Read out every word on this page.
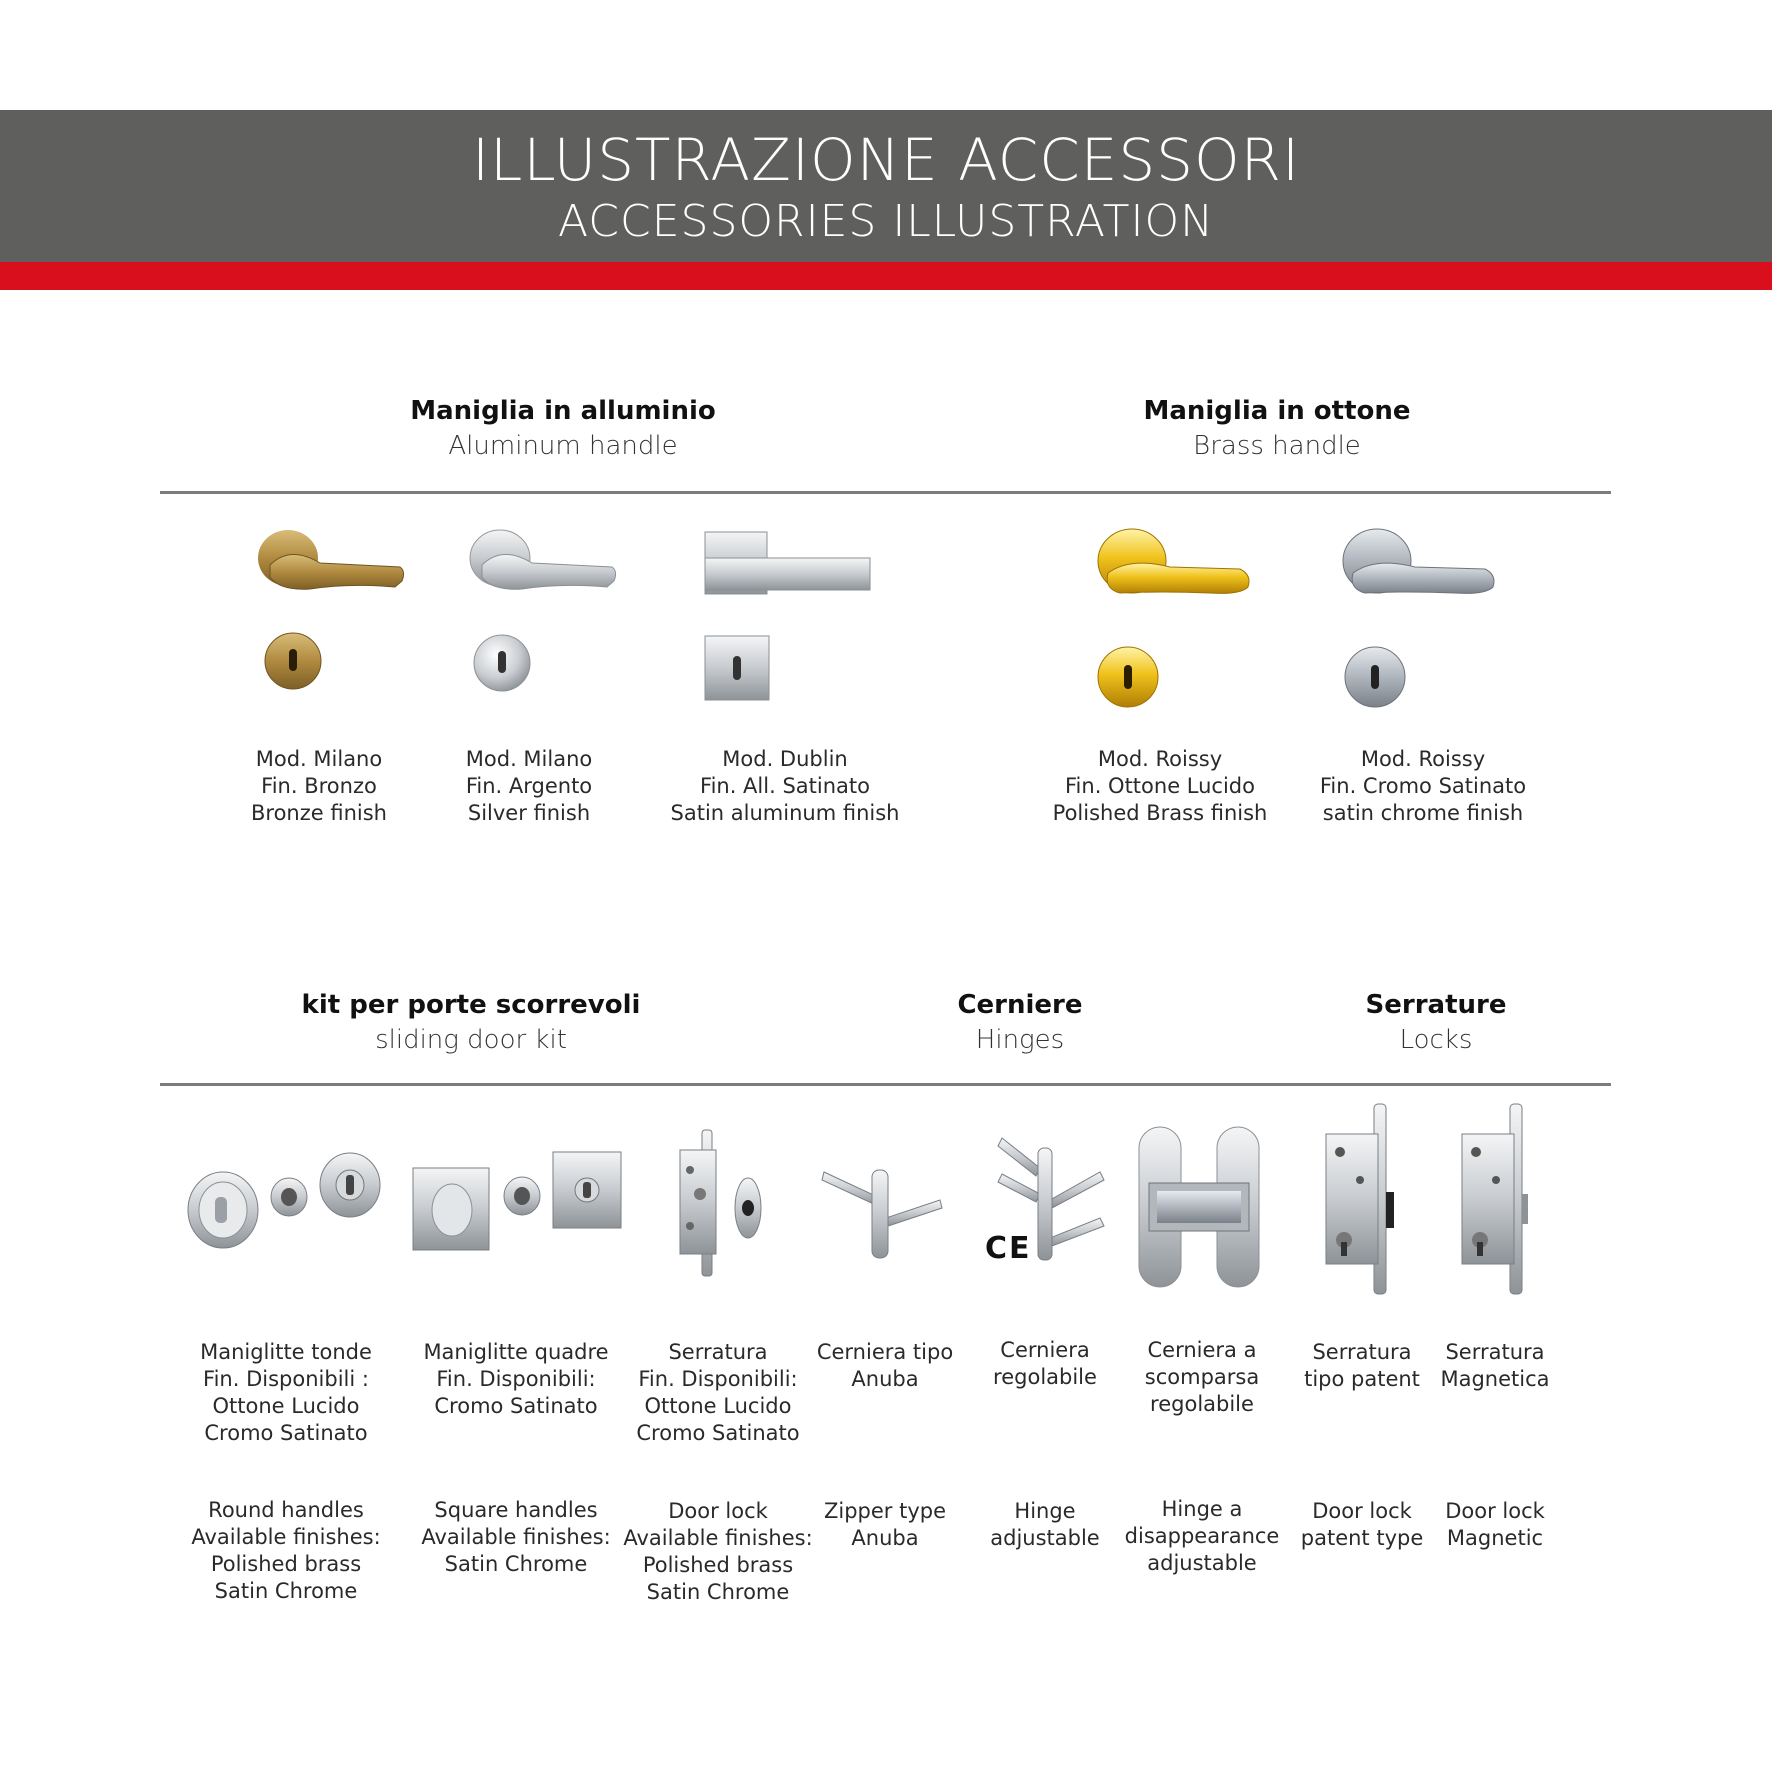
ILLUSTRAZIONE ACCESSORI
ACCESSORIES ILLUSTRATION
Maniglia in alluminio
Aluminum handle
Maniglia in ottone
Brass handle
Mod. Milano
Fin. Bronzo
Bronze finish
Mod. Milano
Fin. Argento
Silver finish
Mod. Dublin
Fin. All. Satinato
Satin aluminum finish
Mod. Roissy
Fin. Ottone Lucido
Polished Brass finish
Mod. Roissy
Fin. Cromo Satinato
satin chrome finish
kit per porte scorrevoli
sliding door kit
Cerniere
Hinges
Serrature
Locks
CE
Maniglitte tonde
Fin. Disponibili :
Ottone Lucido
Cromo Satinato
Maniglitte quadre
Fin. Disponibili:
Cromo Satinato
Serratura
Fin. Disponibili:
Ottone Lucido
Cromo Satinato
Cerniera tipo
Anuba
Cerniera
regolabile
Cerniera a
scomparsa
regolabile
Serratura
tipo patent
Serratura
Magnetica
Round handles
Available finishes:
Polished brass
Satin Chrome
Square handles
Available finishes:
Satin Chrome
Door lock
Available finishes:
Polished brass
Satin Chrome
Zipper type
Anuba
Hinge
adjustable
Hinge a
disappearance
adjustable
Door lock
patent type
Door lock
Magnetic
